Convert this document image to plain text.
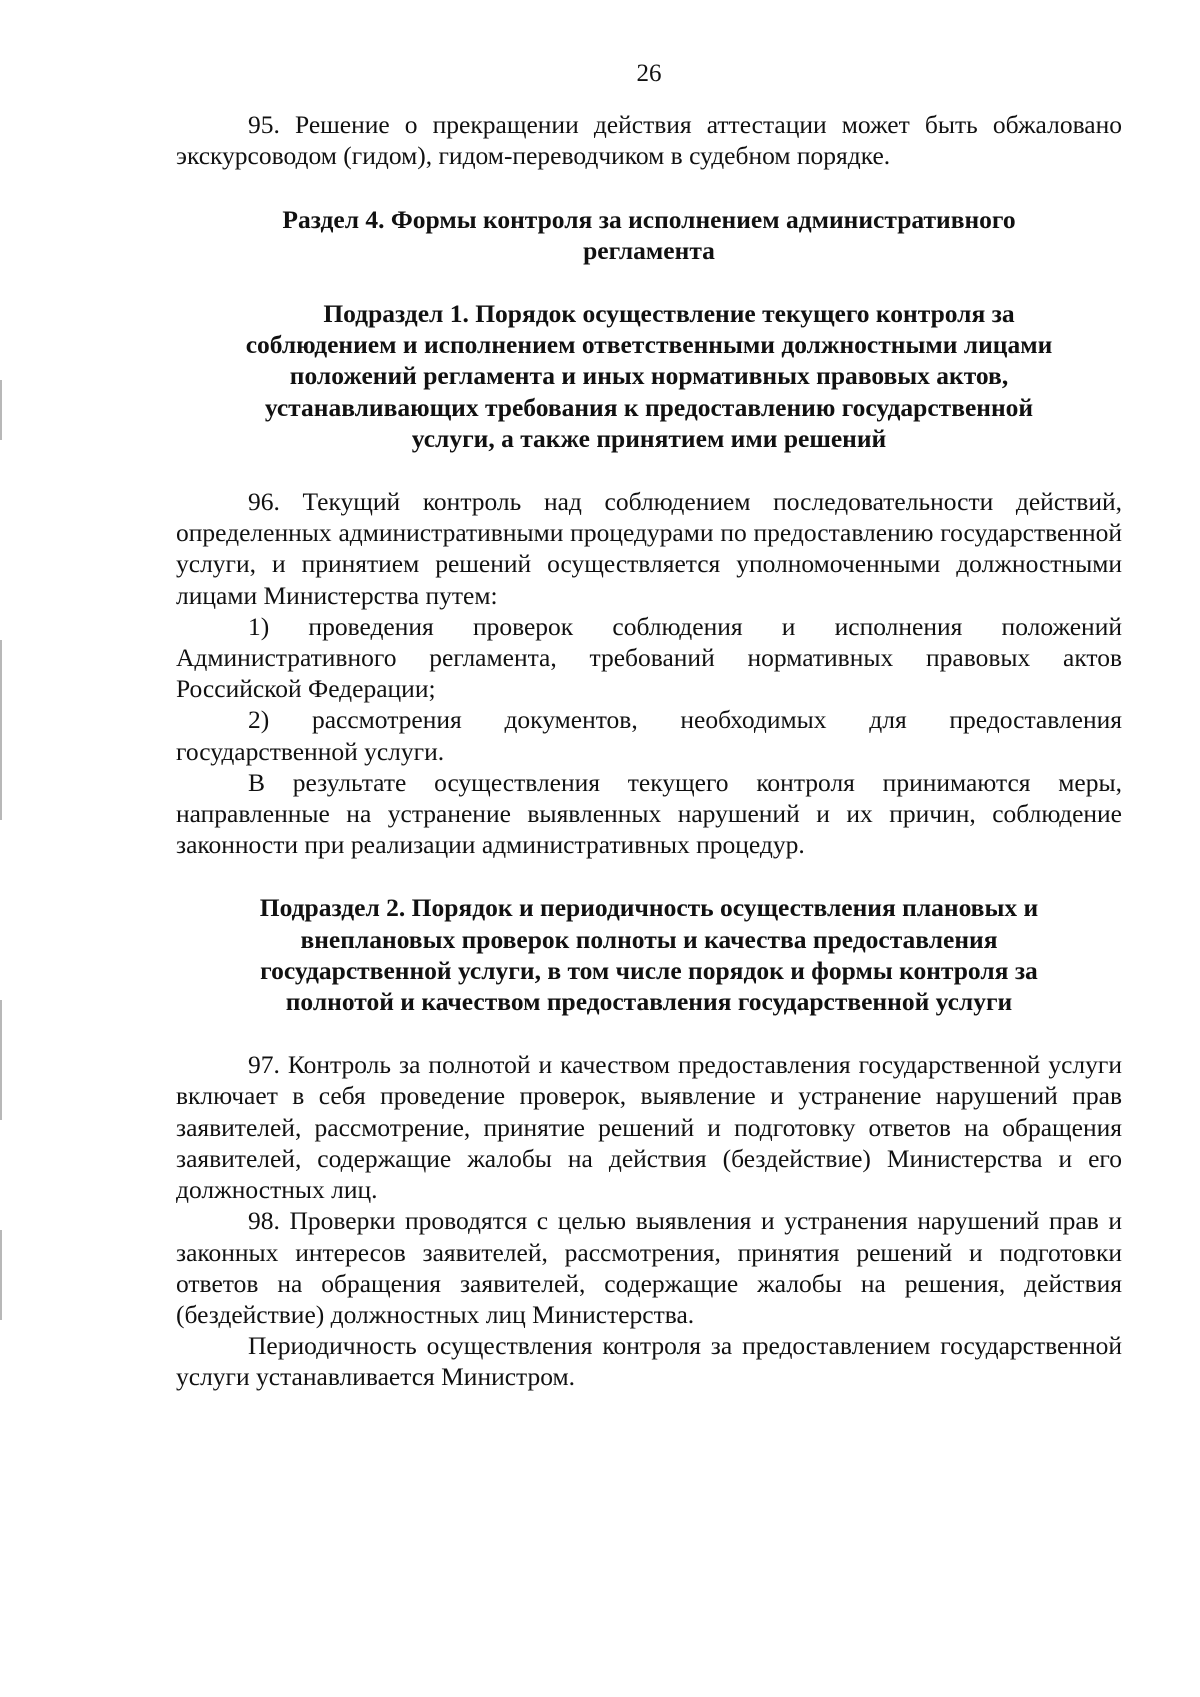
26

95. Решение о прекращении действия аттестации может быть обжаловано экскурсоводом (гидом), гидом-переводчиком в судебном порядке.

Раздел 4. Формы контроля за исполнением административного
регламента
Подраздел 1. Порядок осуществление текущего контроля за
соблюдением и исполнением ответственными должностными лицами
положений регламента и иных нормативных правовых актов,
устанавливающих требования к предоставлению государственной
услуги, а также принятием ими решений

96. Текущий контроль над соблюдением последовательности действий, определенных административными процедурами по предоставлению государственной услуги, и принятием решений осуществляется уполномоченными должностными лицами Министерства путем:

1) проведения проверок соблюдения и исполнения положений Административного регламента, требований нормативных правовых актов Российской Федерации;

2) рассмотрения документов, необходимых для предоставления государственной услуги.

В результате осуществления текущего контроля принимаются меры, направленные на устранение выявленных нарушений и их причин, соблюдение законности при реализации административных процедур.

Подраздел 2. Порядок и периодичность осуществления плановых и
внеплановых проверок полноты и качества предоставления
государственной услуги, в том числе порядок и формы контроля за
полнотой и качеством предоставления государственной услуги

97. Контроль за полнотой и качеством предоставления государственной услуги включает в себя проведение проверок, выявление и устранение нарушений прав заявителей, рассмотрение, принятие решений и подготовку ответов на обращения заявителей, содержащие жалобы на действия (бездействие) Министерства и его должностных лиц.

98. Проверки проводятся с целью выявления и устранения нарушений прав и законных интересов заявителей, рассмотрения, принятия решений и подготовки ответов на обращения заявителей, содержащие жалобы на решения, действия (бездействие) должностных лиц Министерства.

Периодичность осуществления контроля за предоставлением государственной услуги устанавливается Министром.
